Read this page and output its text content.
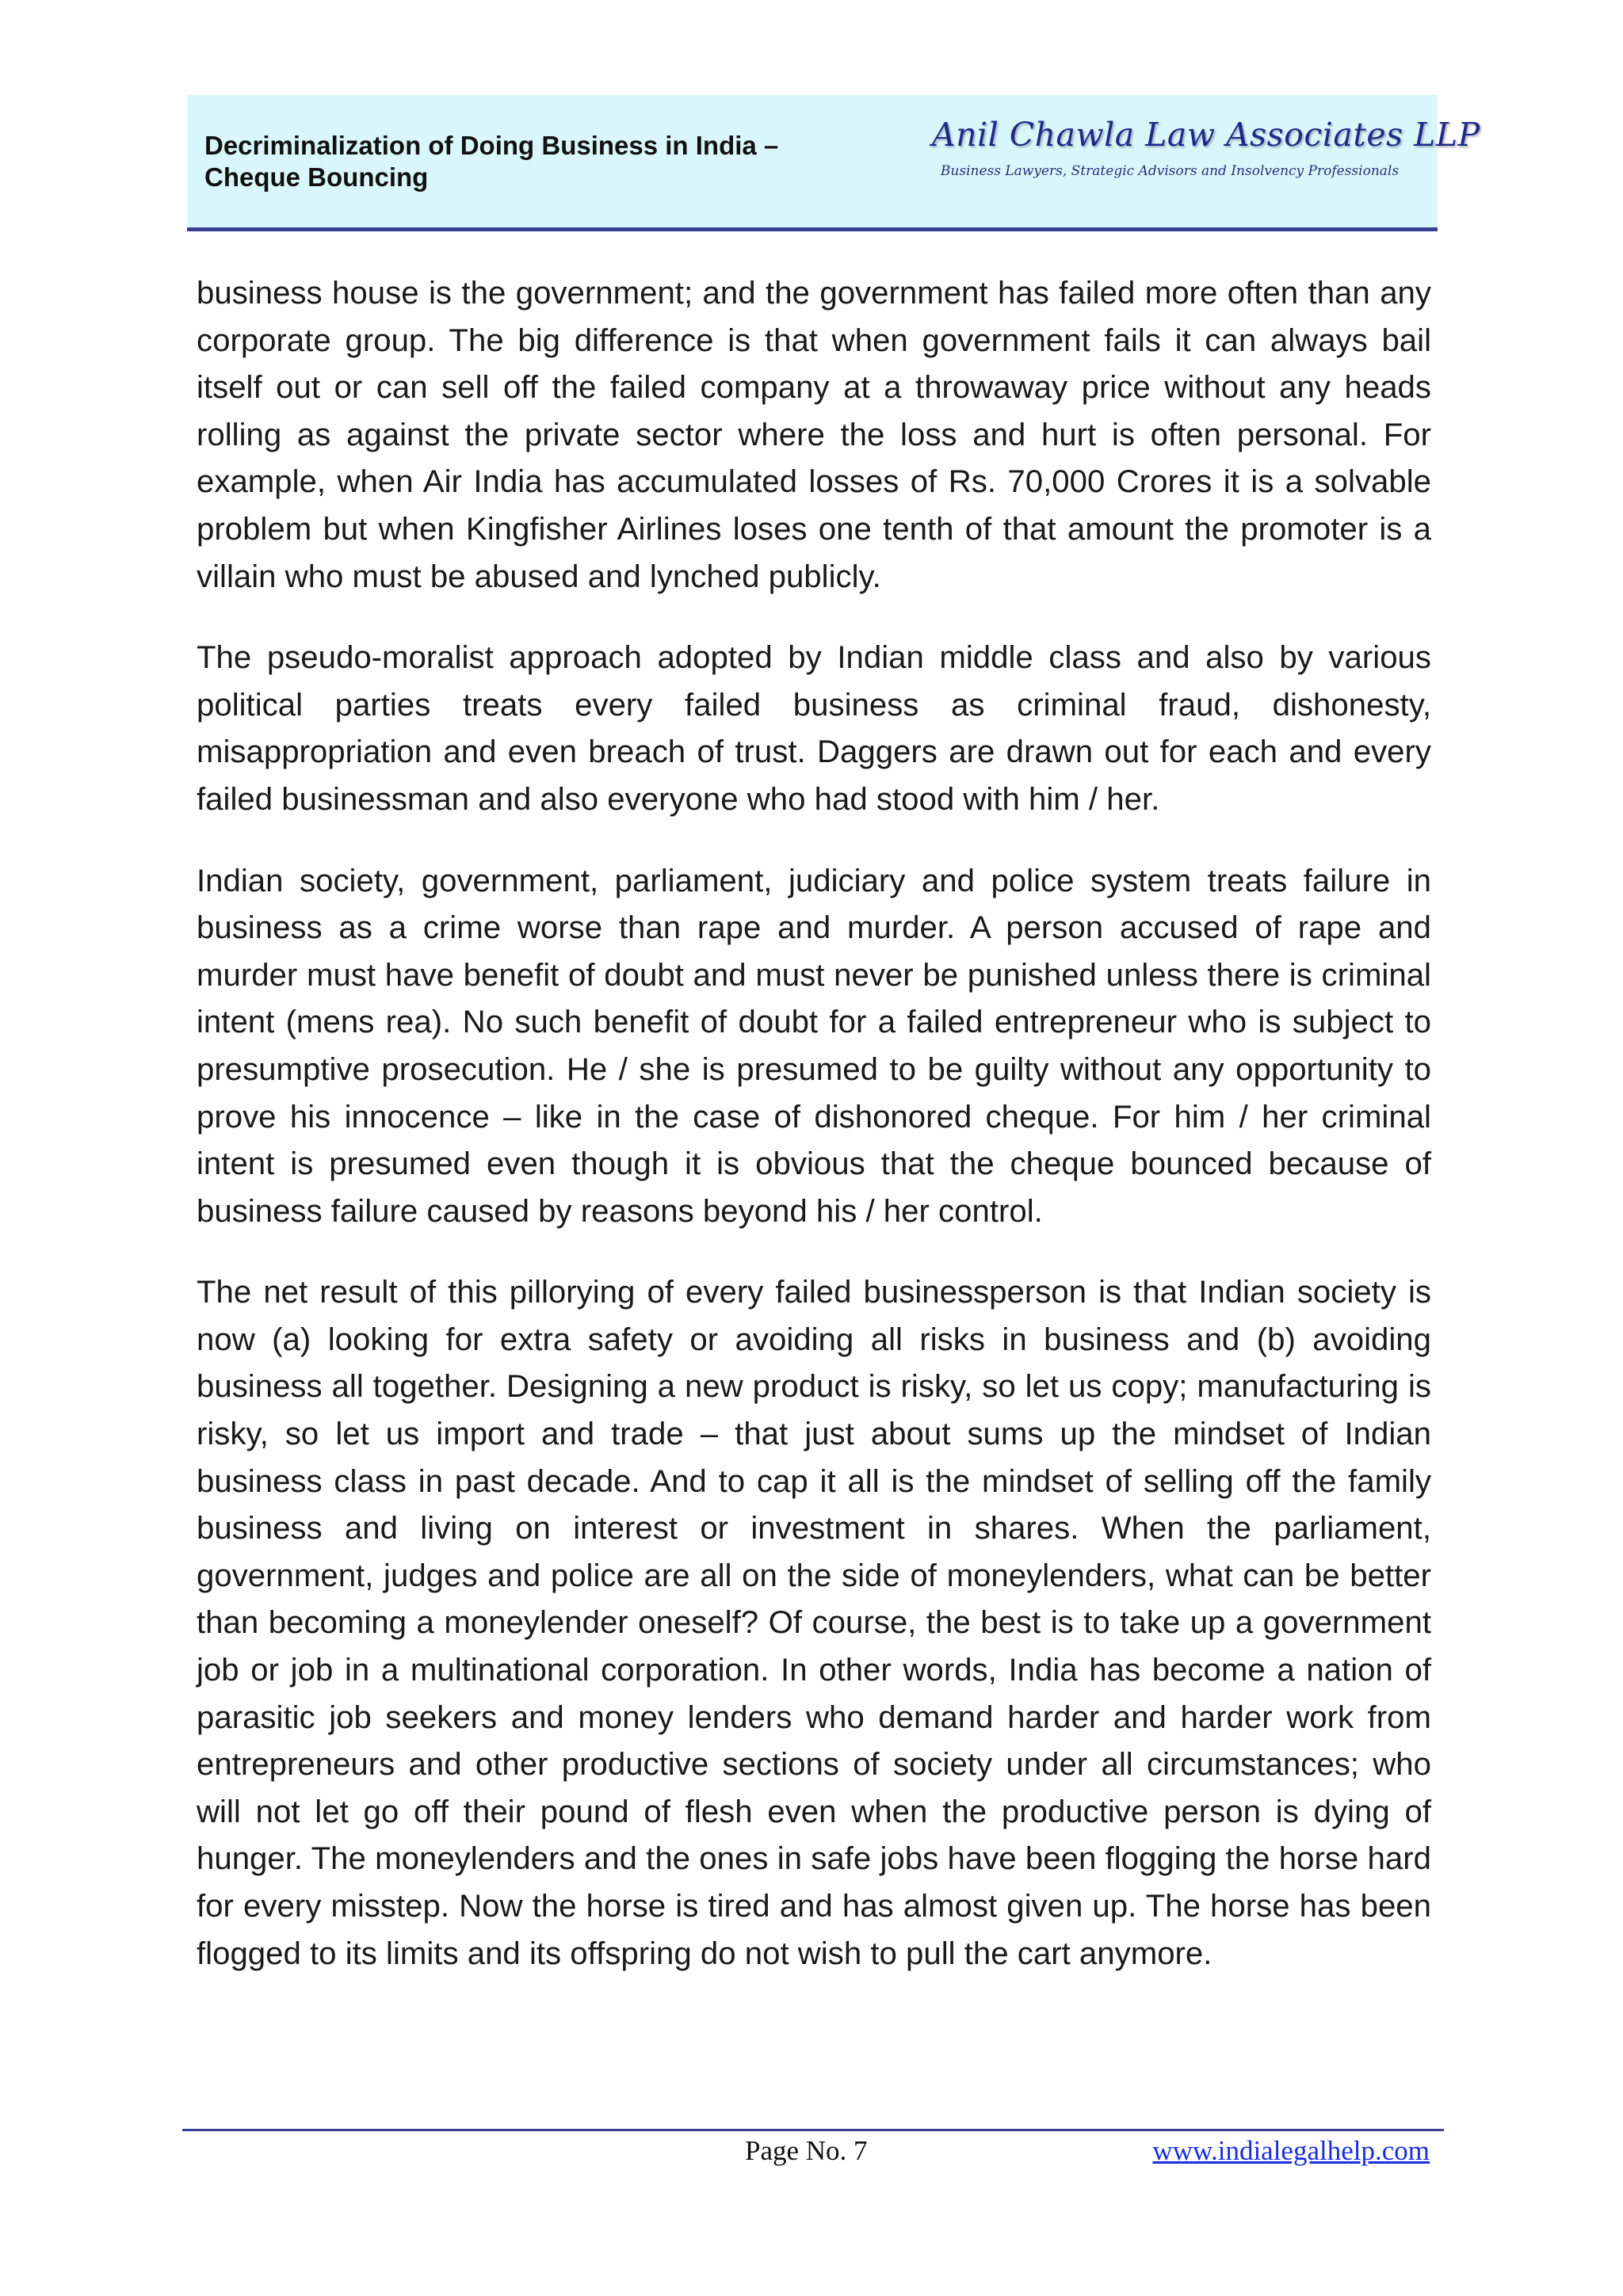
Decriminalization of Doing Business in India –
Cheque Bouncing
Anil Chawla Law Associates LLP
Business Lawyers, Strategic Advisors and Insolvency Professionals

business house is the government; and the government has failed more often than any corporate group. The big difference is that when government fails it can always bail itself out or can sell off the failed company at a throwaway price without any heads rolling as against the private sector where the loss and hurt is often personal. For example, when Air India has accumulated losses of Rs. 70,000 Crores it is a solvable problem but when Kingfisher Airlines loses one tenth of that amount the promoter is a villain who must be abused and lynched publicly.

The pseudo-moralist approach adopted by Indian middle class and also by various political parties treats every failed business as criminal fraud, dishonesty, misappropriation and even breach of trust. Daggers are drawn out for each and every failed businessman and also everyone who had stood with him / her.

Indian society, government, parliament, judiciary and police system treats failure in business as a crime worse than rape and murder. A person accused of rape and murder must have benefit of doubt and must never be punished unless there is criminal intent (mens rea). No such benefit of doubt for a failed entrepreneur who is subject to presumptive prosecution. He / she is presumed to be guilty without any opportunity to prove his innocence – like in the case of dishonored cheque. For him / her criminal intent is presumed even though it is obvious that the cheque bounced because of business failure caused by reasons beyond his / her control.

The net result of this pillorying of every failed businessperson is that Indian society is now (a) looking for extra safety or avoiding all risks in business and (b) avoiding business all together. Designing a new product is risky, so let us copy; manufacturing is risky, so let us import and trade – that just about sums up the mindset of Indian business class in past decade. And to cap it all is the mindset of selling off the family business and living on interest or investment in shares. When the parliament, government, judges and police are all on the side of moneylenders, what can be better than becoming a moneylender oneself? Of course, the best is to take up a government job or job in a multinational corporation. In other words, India has become a nation of parasitic job seekers and money lenders who demand harder and harder work from entrepreneurs and other productive sections of society under all circumstances; who will not let go off their pound of flesh even when the productive person is dying of hunger. The moneylenders and the ones in safe jobs have been flogging the horse hard for every misstep. Now the horse is tired and has almost given up. The horse has been flogged to its limits and its offspring do not wish to pull the cart anymore.

Page No. 7	www.indialegalhelp.com
